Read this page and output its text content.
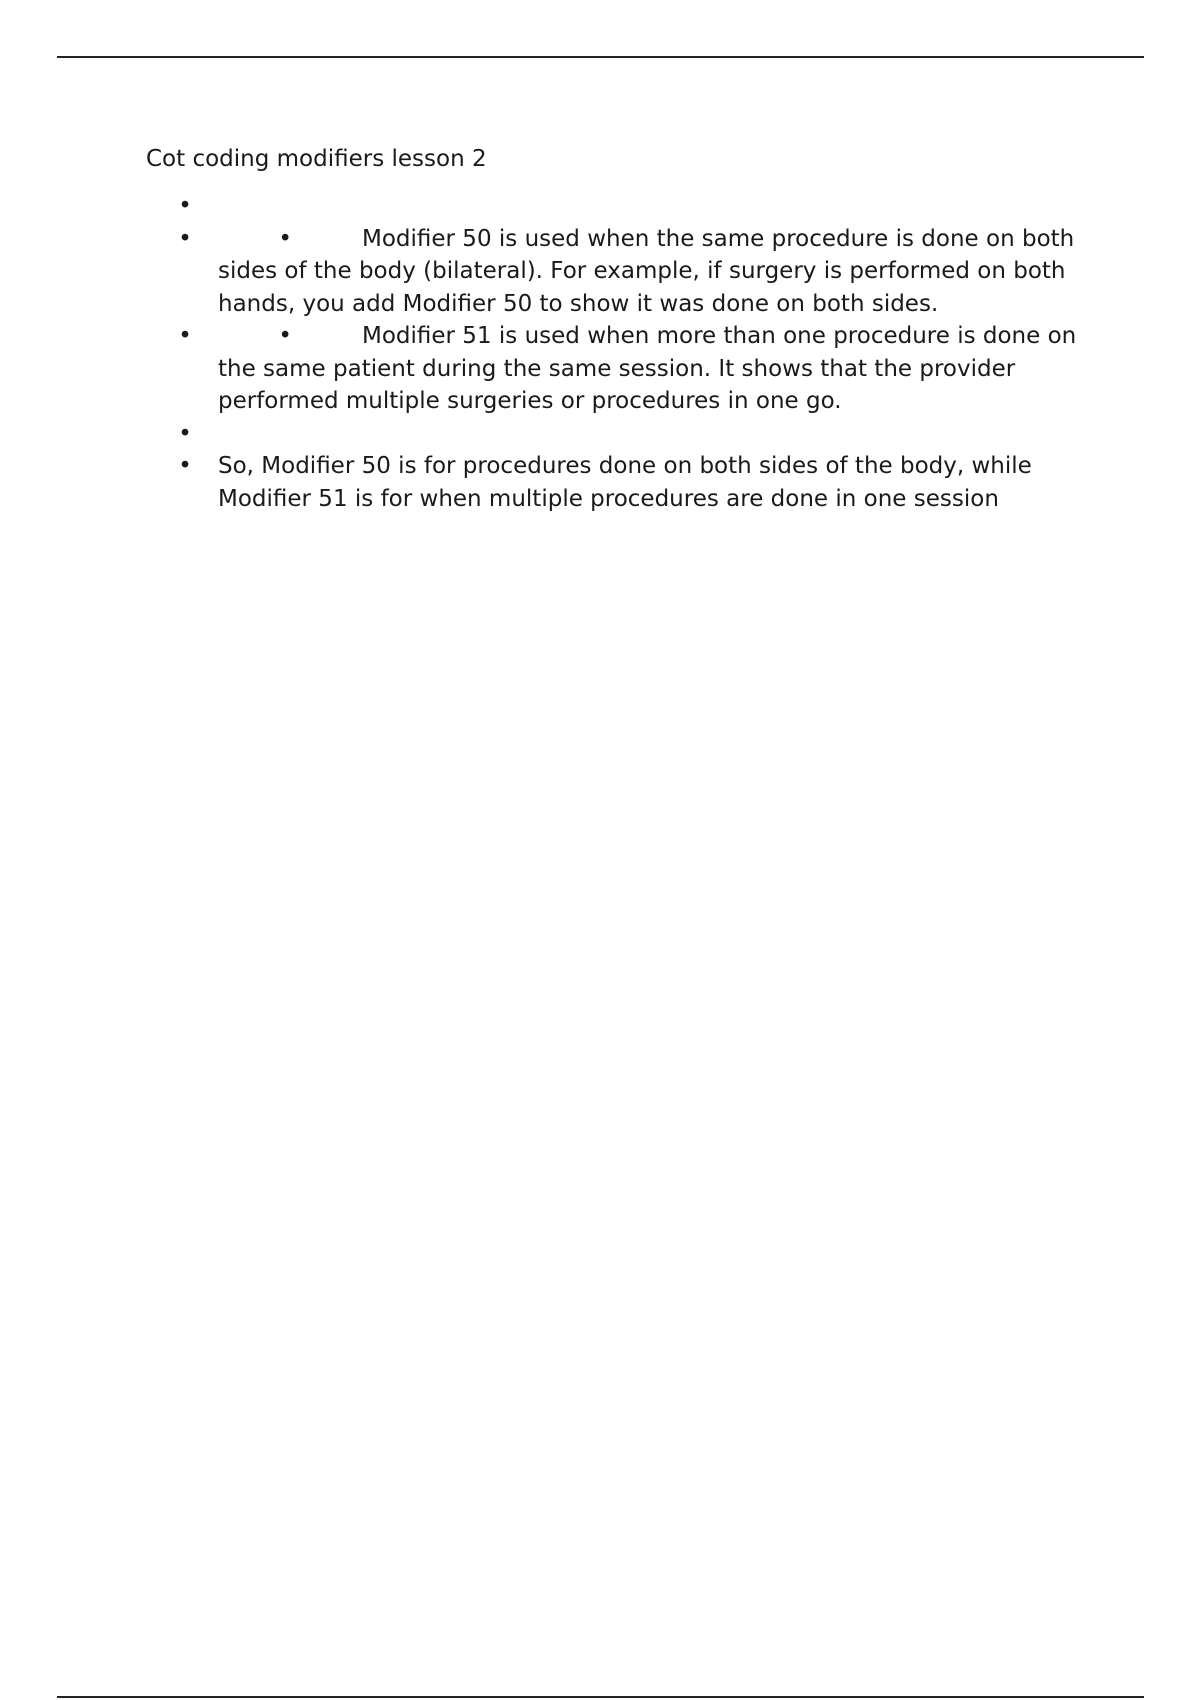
Cot coding modifiers lesson 2
•
•	•	Modifier 50 is used when the same procedure is done on both sides of the body (bilateral). For example, if surgery is performed on both hands, you add Modifier 50 to show it was done on both sides.
•	•	Modifier 51 is used when more than one procedure is done on the same patient during the same session. It shows that the provider performed multiple surgeries or procedures in one go.
•
• So, Modifier 50 is for procedures done on both sides of the body, while Modifier 51 is for when multiple procedures are done in one session
